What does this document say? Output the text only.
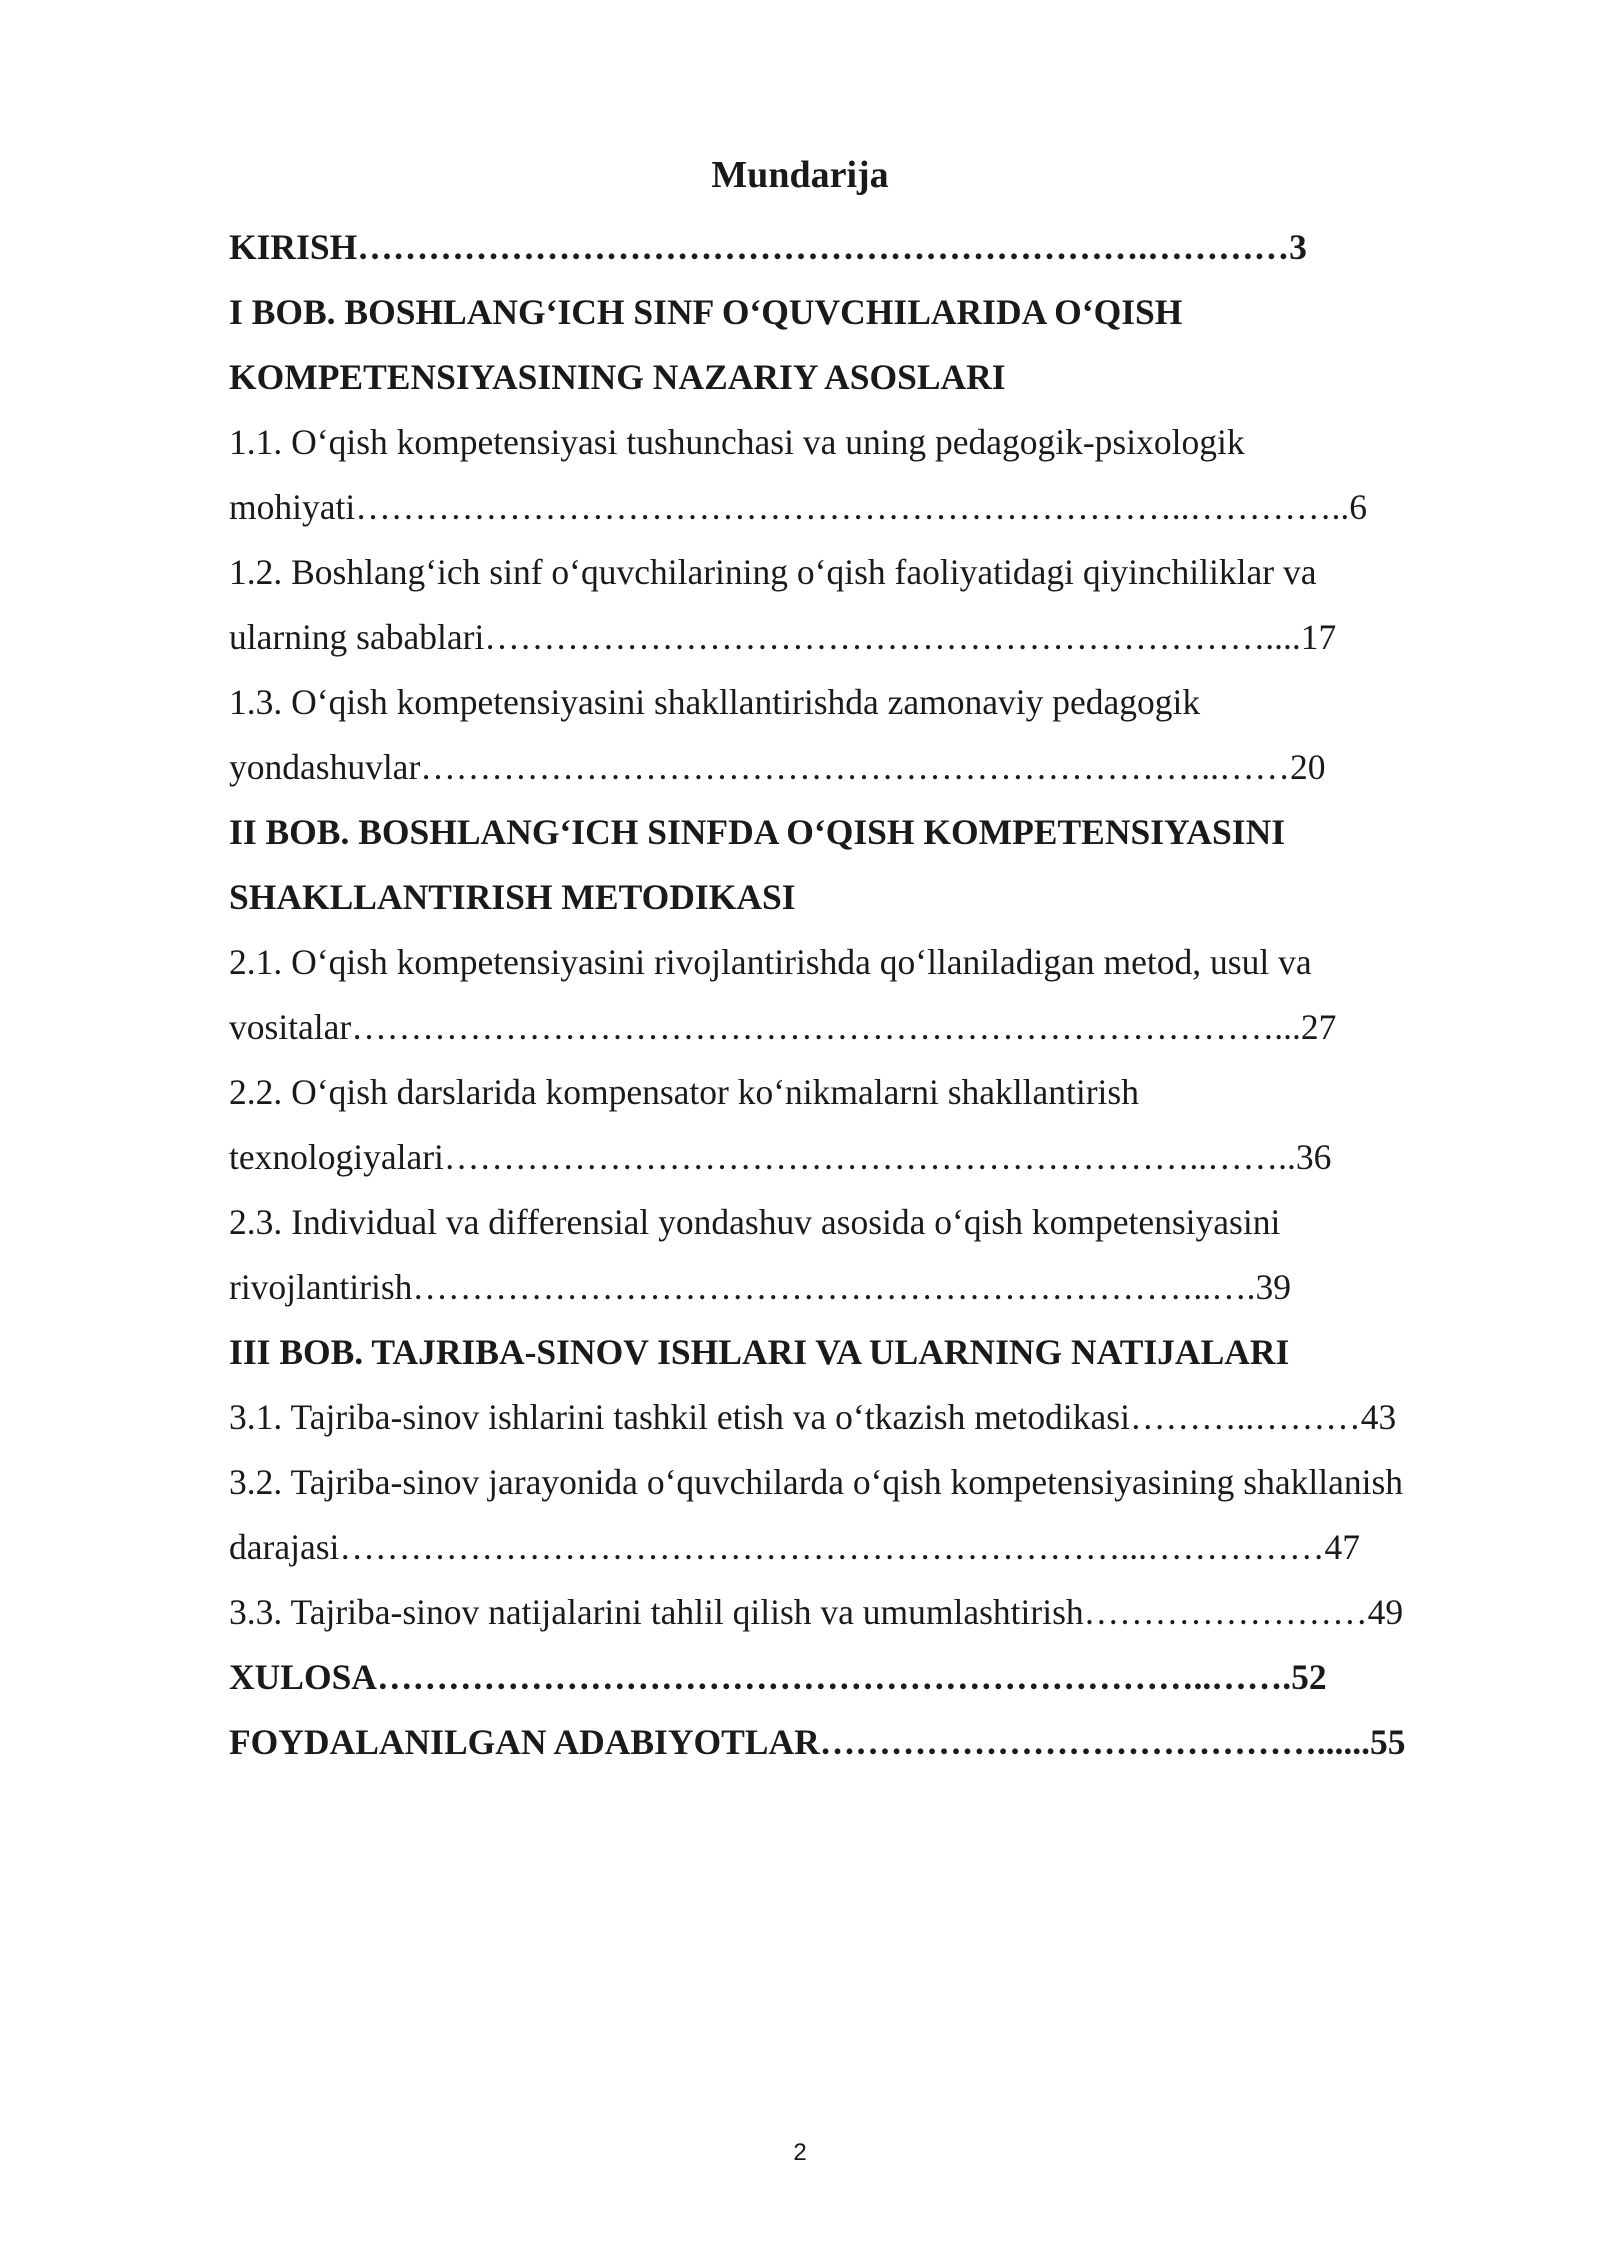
Mundarija
KIRISH………………………………………………………….…………3
I BOB. BOSHLANG‘ICH SINF O‘QUVCHILARIDA O‘QISH
KOMPETENSIYASINING NAZARIY ASOSLARI
1.1. O‘qish kompetensiyasi tushunchasi va uning pedagogik-psixologik
mohiyati……………………………………………………………..…………..6
1.2. Boshlang‘ich sinf o‘quvchilarining o‘qish faoliyatidagi qiyinchiliklar va
ularning sabablari…………………………………………………………....17
1.3. O‘qish kompetensiyasini shakllantirishda zamonaviy pedagogik
yondashuvlar…………………………………………………………..……20
II BOB. BOSHLANG‘ICH SINFDA O‘QISH KOMPETENSIYASINI
SHAKLLANTIRISH METODIKASI
2.1. O‘qish kompetensiyasini rivojlantirishda qo‘llaniladigan metod, usul va
vositalar……………………………………………………………………...27
2.2. O‘qish darslarida kompensator ko‘nikmalarni shakllantirish
texnologiyalari………………………………………………………..……..36
2.3. Individual va differensial yondashuv asosida o‘qish kompetensiyasini
rivojlantirish…………………………………………………………..….39
III BOB. TAJRIBA-SINOV ISHLARI VA ULARNING NATIJALARI
3.1. Tajriba-sinov ishlarini tashkil etish va o‘tkazish metodikasi………..………43
3.2. Tajriba-sinov jarayonida o‘quvchilarda o‘qish kompetensiyasining shakllanish
darajasi…………………………………………………………...……………47
3.3. Tajriba-sinov natijalarini tahlil qilish va umumlashtirish……………………49
XULOSA……………………………………………………………..…….52
FOYDALANILGAN ADABIYOTLAR……………………………………......55
2
